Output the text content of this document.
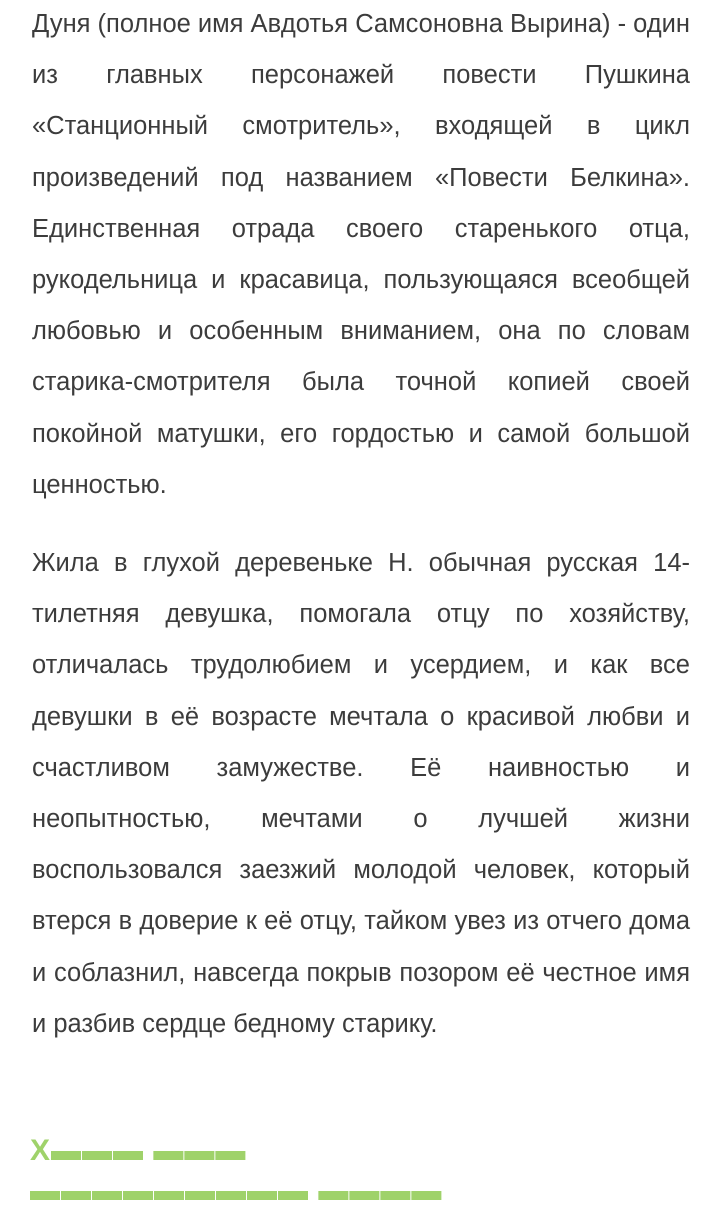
Дуня (полное имя Авдотья Самсоновна Вырина) - один из главных персонажей повести Пушкина «Станционный смотритель», входящей в цикл произведений под названием «Повести Белкина». Единственная отрада своего старенького отца, рукодельница и красавица, пользующаяся всеобщей любовью и особенным вниманием, она по словам старика-смотрителя была точной копией своей покойной матушки, его гордостью и самой большой ценностью.

Жила в глухой деревеньке Н. обычная русская 14-тилетняя девушка, помогала отцу по хозяйству, отличалась трудолюбием и усердием, и как все девушки в её возрасте мечтала о красивой любви и счастливом замужестве. Её наивностью и неопытностью, мечтами о лучшей жизни воспользовался заезжий молодой человек, который втерся в доверие к её отцу, тайком увез из отчего дома и соблазнил, навсегда покрыв позором её честное имя и разбив сердце бедному старику.

Х▬▬▬ ▬▬▬ ▬▬▬▬▬▬▬▬▬ ▬▬▬▬
